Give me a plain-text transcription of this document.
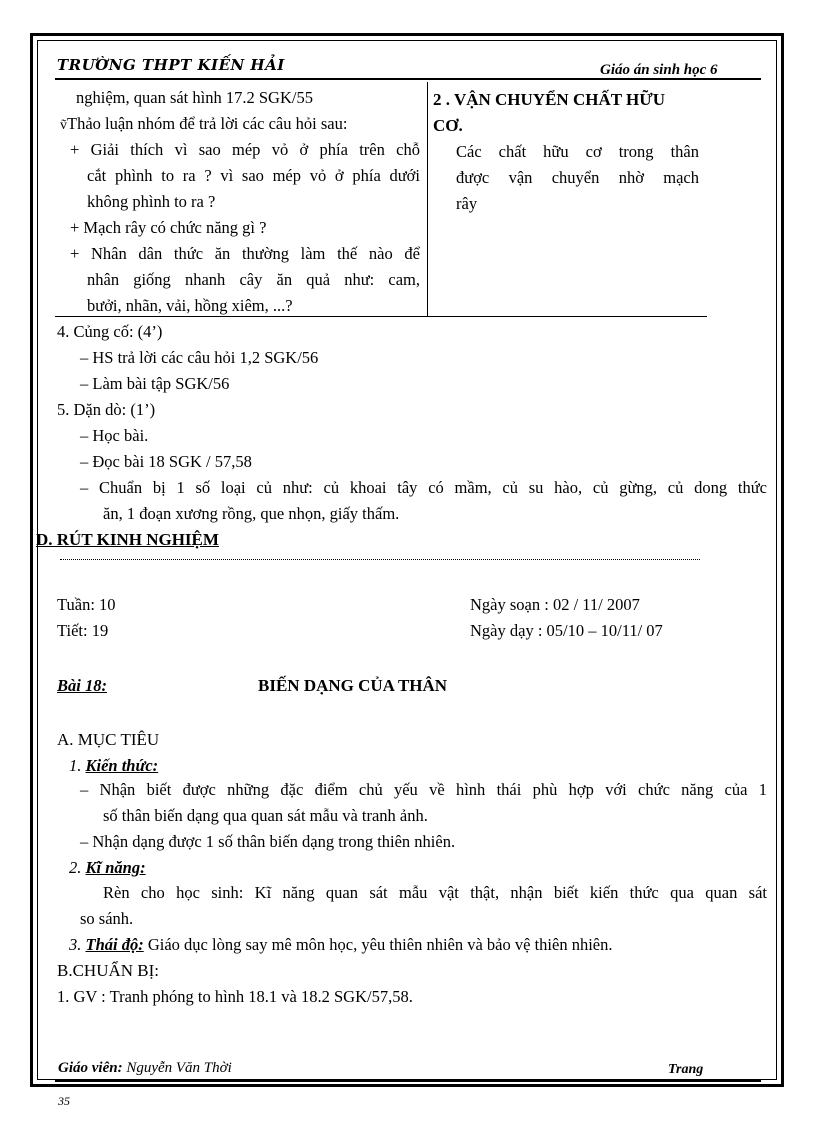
TRƯỜNG THPT KIẾN HẢI	Giáo án sinh học 6
nghiệm, quan sát hình 17.2 SGK/55
ṽThảo luận nhóm để trả lời các câu hỏi sau:
+ Giải thích vì sao mép vỏ ở phía trên chỗ
cắt phình to ra ? vì sao mép vỏ ở phía dưới
không phình to ra ?
+ Mạch rây có chức năng gì ?
+ Nhân dân thức ăn thường làm thế nào để
nhân giống nhanh cây ăn quả như: cam,
bưởi, nhãn, vải, hồng xiêm, ...?
2 . VẬN CHUYỂN CHẤT HỮU
CƠ.
Các chất hữu cơ trong thân
được vận chuyển nhờ mạch
rây
4. Củng cố: (4’)
– HS trả lời các câu hỏi 1,2 SGK/56
– Làm bài tập SGK/56
5. Dặn dò: (1’)
– Học bài.
– Đọc bài 18 SGK / 57,58
– Chuẩn bị 1 số loại củ như: củ khoai tây có mầm, củ su hào, củ gừng, củ dong thức
ăn, 1 đoạn xương rồng, que nhọn, giấy thấm.
D. RÚT KINH NGHIỆM
Tuần: 10
Tiết: 19
Ngày soạn : 02 / 11/ 2007
Ngày dạy : 05/10 – 10/11/ 07
Bài 18:	BIẾN DẠNG CỦA THÂN
A. MỤC TIÊU
1. Kiến thức:
– Nhận biết được những đặc điểm chủ yếu về hình thái phù hợp với chức năng của 1
số thân biến dạng qua quan sát mẫu và tranh ảnh.
– Nhận dạng được 1 số thân biến dạng trong thiên nhiên.
2. Kĩ năng:
Rèn cho học sinh: Kĩ năng quan sát mẫu vật thật, nhận biết kiến thức qua quan sát
so sánh.
3. Thái độ: Giáo dục lòng say mê môn học, yêu thiên nhiên và bảo vệ thiên nhiên.
B.CHUẨN BỊ:
1. GV : Tranh phóng to hình 18.1 và 18.2 SGK/57,58.
Giáo viên: Nguyễn Văn Thời	Trang
35
